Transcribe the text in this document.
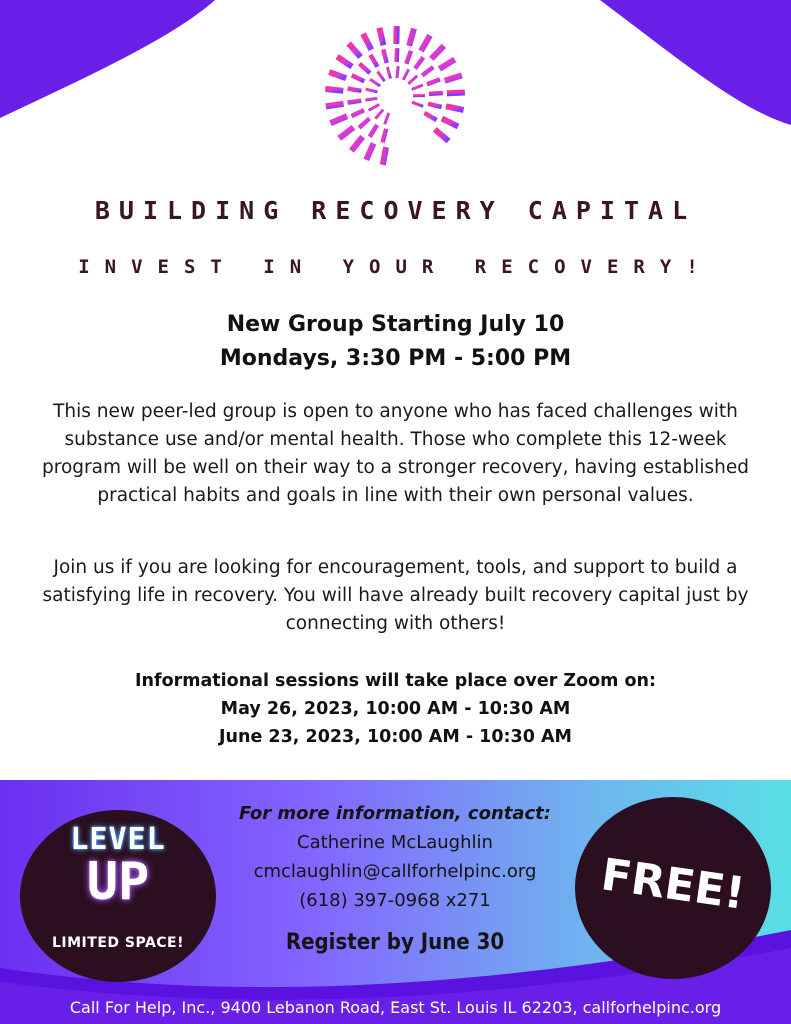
BUILDING RECOVERY CAPITAL
INVEST IN YOUR RECOVERY!
New Group Starting July 10
Mondays, 3:30 PM - 5:00 PM
This new peer-led group is open to anyone who has faced challenges with substance use and/or mental health. Those who complete this 12-week program will be well on their way to a stronger recovery, having established practical habits and goals in line with their own personal values.
Join us if you are looking for encouragement, tools, and support to build a satisfying life in recovery. You will have already built recovery capital just by connecting with others!
Informational sessions will take place over Zoom on:
May 26, 2023, 10:00 AM - 10:30 AM
June 23, 2023, 10:00 AM - 10:30 AM
LEVEL
UP
LIMITED SPACE!
For more information, contact:
Catherine McLaughlin
cmclaughlin@callforhelpinc.org
(618) 397-0968 x271
Register by June 30
FREE!
Call For Help, Inc., 9400 Lebanon Road, East St. Louis IL 62203, callforhelpinc.org
